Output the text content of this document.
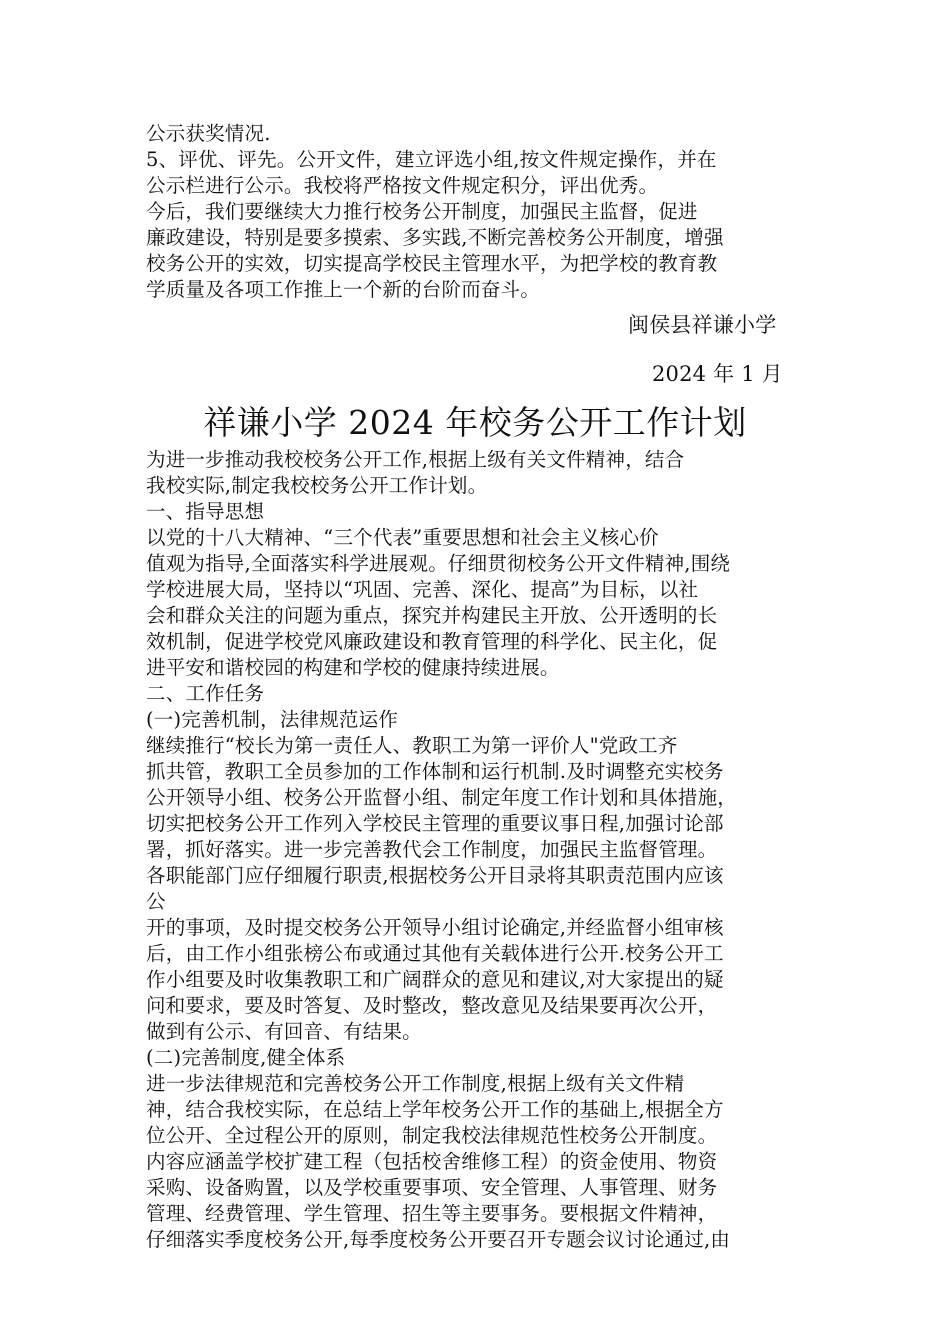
公示获奖情况.
5、评优、评先。公开文件，建立评选小组,按文件规定操作，并在
公示栏进行公示。我校将严格按文件规定积分，评出优秀。
今后，我们要继续大力推行校务公开制度，加强民主监督，促进
廉政建设，特别是要多摸索、多实践,不断完善校务公开制度，增强
校务公开的实效，切实提高学校民主管理水平，为把学校的教育教
学质量及各项工作推上一个新的台阶而奋斗。
闽侯县祥谦小学
2024 年 1 月
祥谦小学 2024 年校务公开工作计划
为进一步推动我校校务公开工作,根据上级有关文件精神，结合
我校实际,制定我校校务公开工作计划。
一、指导思想
以党的十八大精神、“三个代表”重要思想和社会主义核心价
值观为指导,全面落实科学进展观。仔细贯彻校务公开文件精神,围绕
学校进展大局，坚持以“巩固、完善、深化、提高”为目标，以社
会和群众关注的问题为重点，探究并构建民主开放、公开透明的长
效机制，促进学校党风廉政建设和教育管理的科学化、民主化，促
进平安和谐校园的构建和学校的健康持续进展。
二、工作任务
(一)完善机制，法律规范运作
继续推行“校长为第一责任人、教职工为第一评价人"党政工齐
抓共管，教职工全员参加的工作体制和运行机制.及时调整充实校务
公开领导小组、校务公开监督小组、制定年度工作计划和具体措施，
切实把校务公开工作列入学校民主管理的重要议事日程,加强讨论部
署，抓好落实。进一步完善教代会工作制度，加强民主监督管理。
各职能部门应仔细履行职责,根据校务公开目录将其职责范围内应该
公
开的事项，及时提交校务公开领导小组讨论确定,并经监督小组审核
后，由工作小组张榜公布或通过其他有关载体进行公开.校务公开工
作小组要及时收集教职工和广阔群众的意见和建议,对大家提出的疑
问和要求，要及时答复、及时整改，整改意见及结果要再次公开，
做到有公示、有回音、有结果。
(二)完善制度,健全体系
进一步法律规范和完善校务公开工作制度,根据上级有关文件精
神，结合我校实际，在总结上学年校务公开工作的基础上,根据全方
位公开、全过程公开的原则，制定我校法律规范性校务公开制度。
内容应涵盖学校扩建工程（包括校舍维修工程）的资金使用、物资
采购、设备购置，以及学校重要事项、安全管理、人事管理、财务
管理、经费管理、学生管理、招生等主要事务。要根据文件精神，
仔细落实季度校务公开,每季度校务公开要召开专题会议讨论通过,由
